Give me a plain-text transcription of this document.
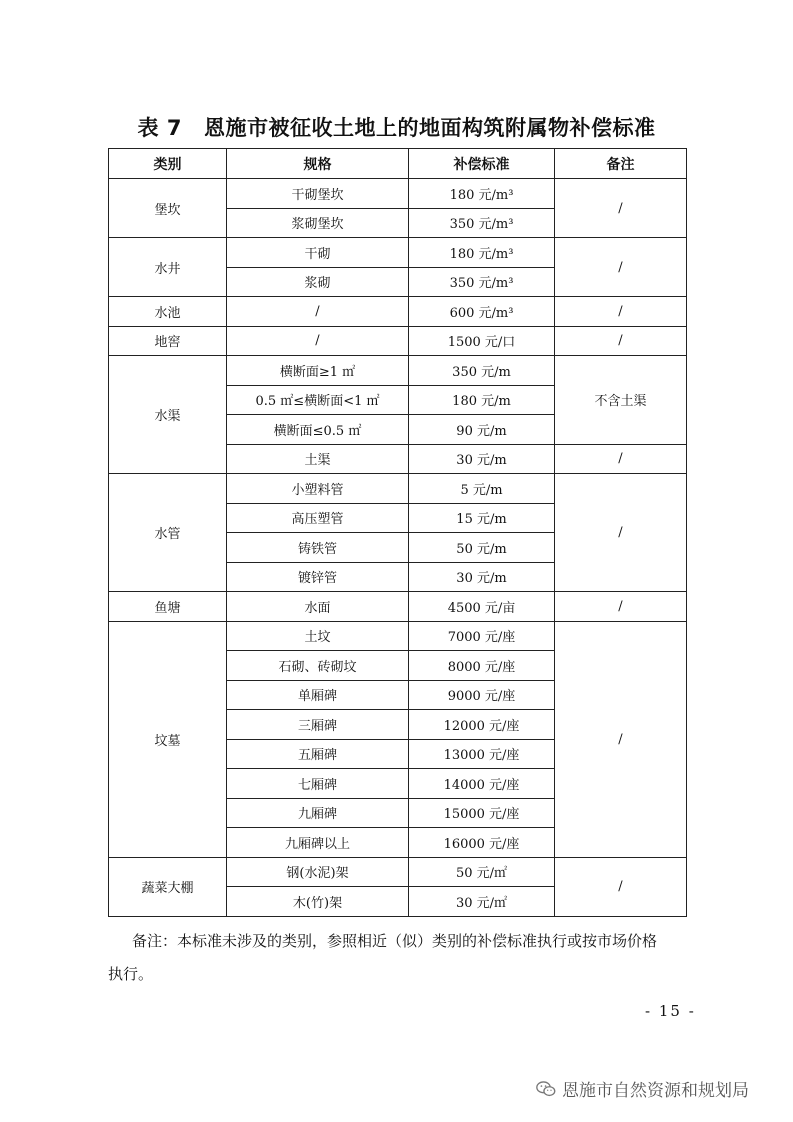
表 7 恩施市被征收土地上的地面构筑附属物补偿标准
类别	规格	补偿标准	备注
堡坎	干砌堡坎	180 元/m³	/
	浆砌堡坎	350 元/m³	
水井	干砌	180 元/m³	/
	浆砌	350 元/m³	
水池	/	600 元/m³	/
地窖	/	1500 元/口	/
水渠	横断面≥1 ㎡	350 元/m	不含土渠
	0.5 ㎡≤横断面<1 ㎡	180 元/m	
	横断面≤0.5 ㎡	90 元/m	
	土渠	30 元/m	/
水管	小塑料管	5 元/m	/
	高压塑管	15 元/m	
	铸铁管	50 元/m	
	镀锌管	30 元/m	
鱼塘	水面	4500 元/亩	/
坟墓	土坟	7000 元/座	/
	石砌、砖砌坟	8000 元/座	
	单厢碑	9000 元/座	
	三厢碑	12000 元/座	
	五厢碑	13000 元/座	
	七厢碑	14000 元/座	
	九厢碑	15000 元/座	
	九厢碑以上	16000 元/座	
蔬菜大棚	钢(水泥)架	50 元/㎡	/
	木(竹)架	30 元/㎡	
备注：本标准未涉及的类别，参照相近（似）类别的补偿标准执行或按市场价格
执行。
- 15 -
恩施市自然资源和规划局
